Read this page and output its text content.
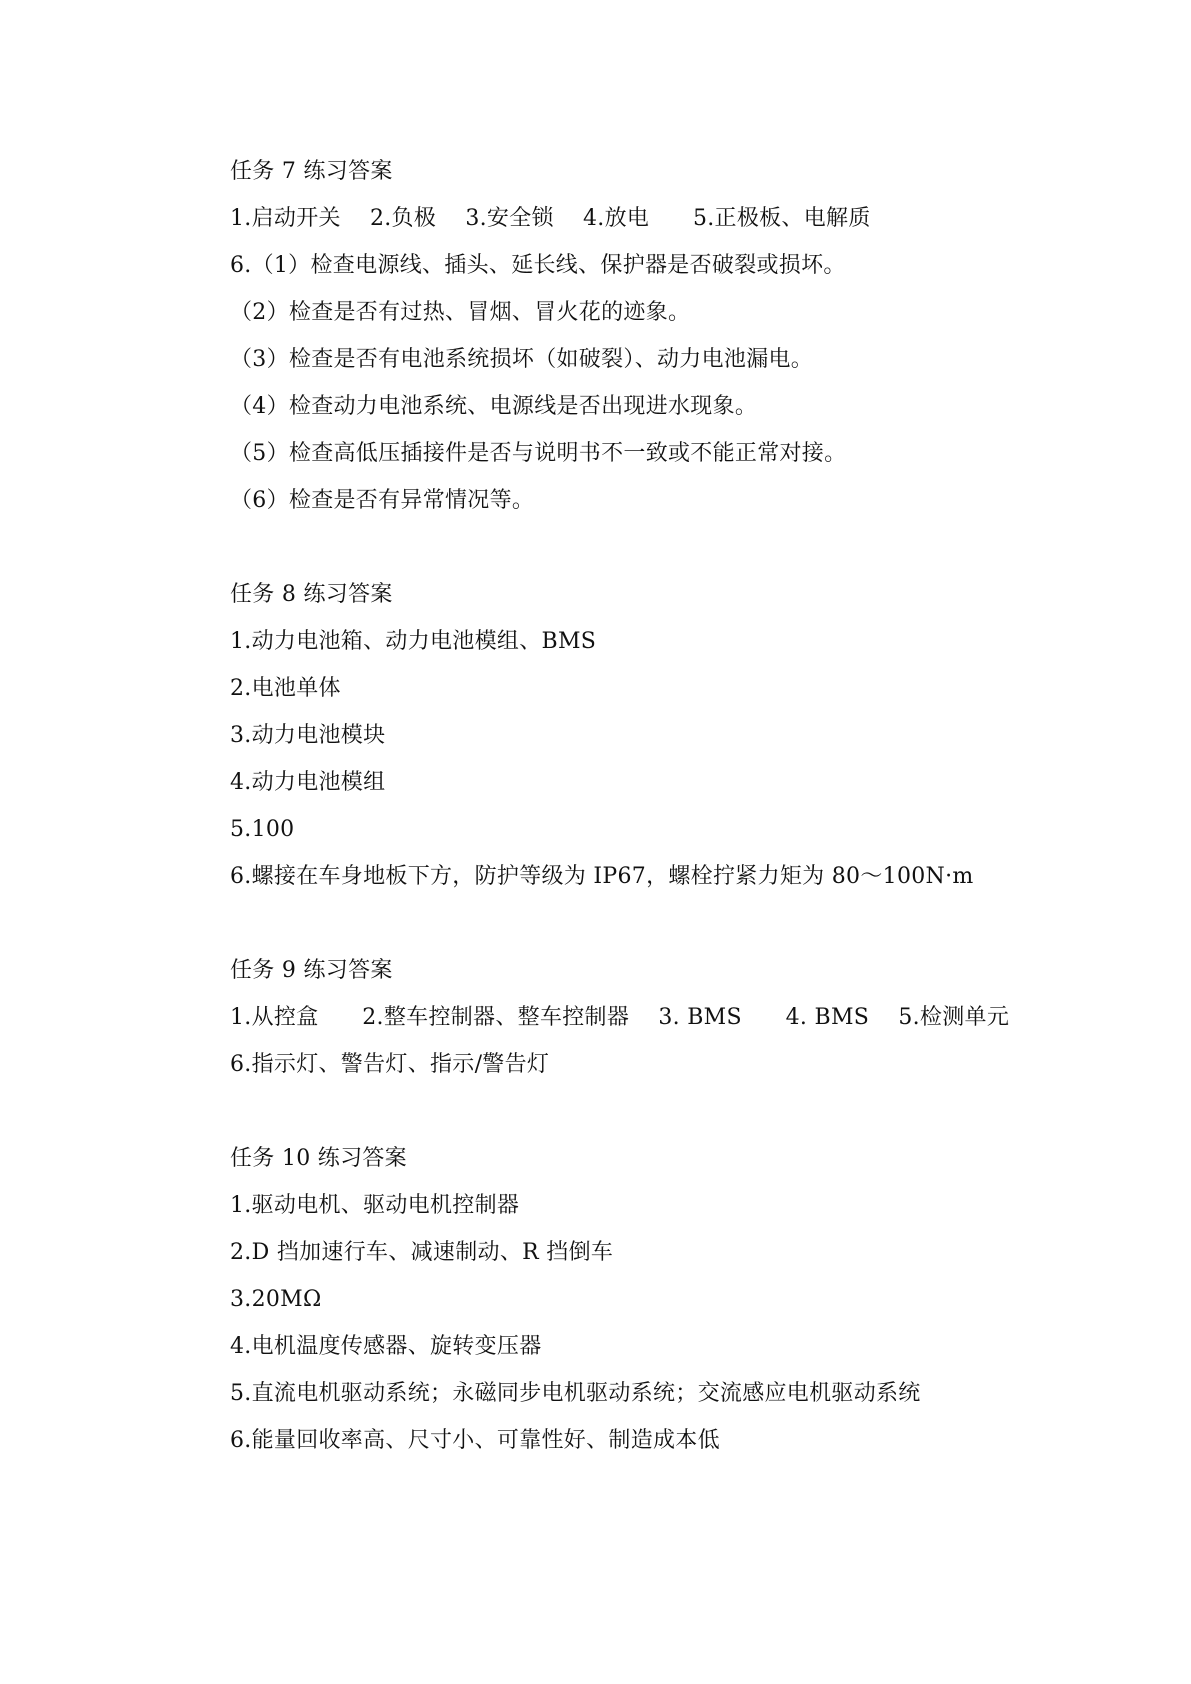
任务 7 练习答案
1.启动开关    2.负极    3.安全锁    4.放电      5.正极板、电解质
6.（1）检查电源线、插头、延长线、保护器是否破裂或损坏。
（2）检查是否有过热、冒烟、冒火花的迹象。
（3）检查是否有电池系统损坏（如破裂）、动力电池漏电。
（4）检查动力电池系统、电源线是否出现进水现象。
（5）检查高低压插接件是否与说明书不一致或不能正常对接。
（6）检查是否有异常情况等。
任务 8 练习答案
1.动力电池箱、动力电池模组、BMS
2.电池单体
3.动力电池模块
4.动力电池模组
5.100
6.螺接在车身地板下方，防护等级为 IP67，螺栓拧紧力矩为 80～100N·m
任务 9 练习答案
1.从控盒      2.整车控制器、整车控制器    3. BMS      4. BMS    5.检测单元
6.指示灯、警告灯、指示/警告灯
任务 10 练习答案
1.驱动电机、驱动电机控制器
2.D 挡加速行车、减速制动、R 挡倒车
3.20MΩ
4.电机温度传感器、旋转变压器
5.直流电机驱动系统；永磁同步电机驱动系统；交流感应电机驱动系统
6.能量回收率高、尺寸小、可靠性好、制造成本低
